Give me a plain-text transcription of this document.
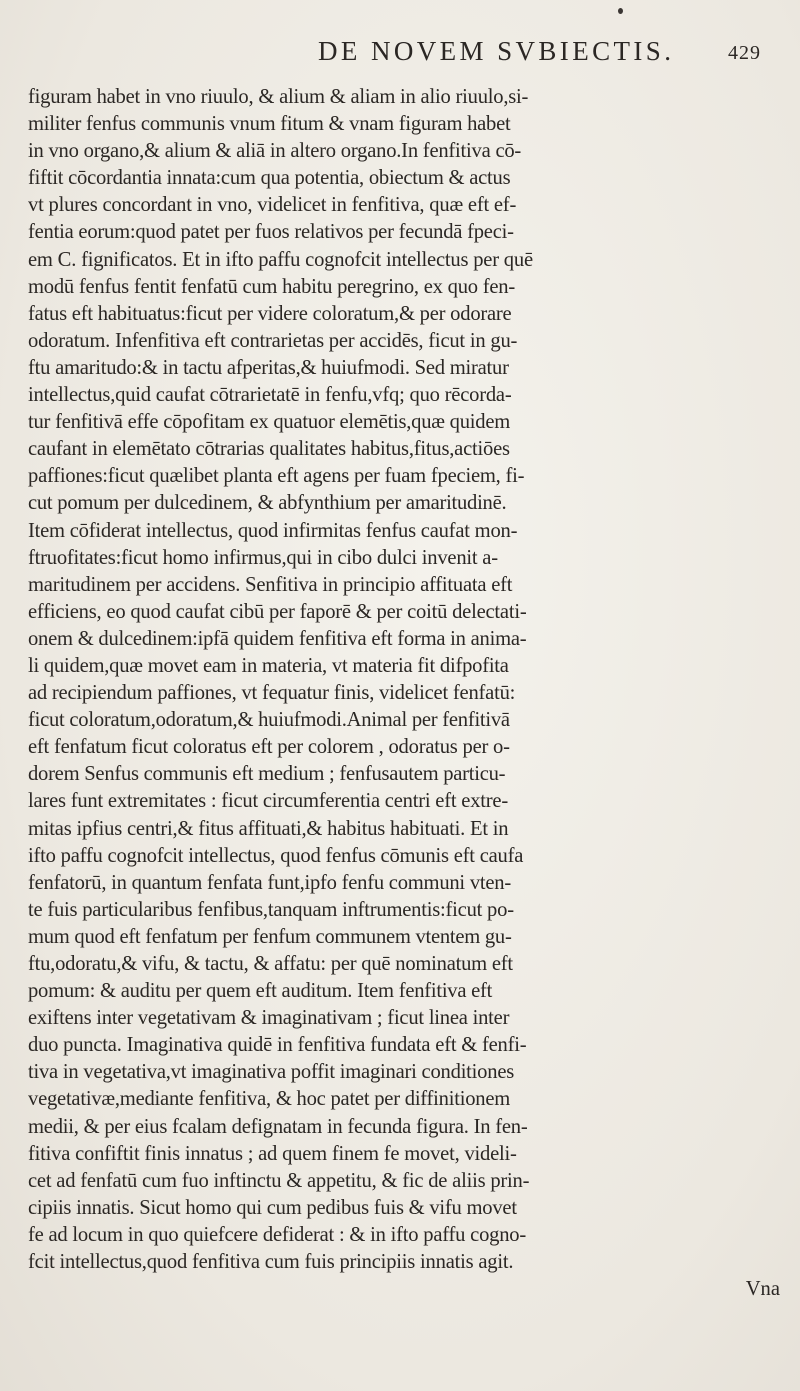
DE NOVEM SVBIECTIS.	429
figuram habet in vno riuulo, & alium & aliam in alio riuulo,si-
militer fenfus communis vnum fitum & vnam figuram habet
in vno organo,& alium & aliā in altero organo.In fenfitiva cō-
fiftit cōcordantia innata:cum qua potentia, obiectum & actus
vt plures concordant in vno, videlicet in fenfitiva, quæ eft ef-
fentia eorum:quod patet per fuos relativos per fecundā fpeci-
em C. fignificatos. Et in ifto paffu cognofcit intellectus per quē
modū fenfus fentit fenfatū cum habitu peregrino, ex quo fen-
fatus eft habituatus:ficut per videre coloratum,& per odorare
odoratum. Infenfitiva eft contrarietas per accidēs, ficut in gu-
ftu amaritudo:& in tactu afperitas,& huiufmodi. Sed miratur
intellectus,quid caufat cōtrarietatē in fenfu,vfq; quo rēcorda-
tur fenfitivā effe cōpofitam ex quatuor elemētis,quæ quidem
caufant in elemētato cōtrarias qualitates habitus,fitus,actiōes
paffiones:ficut quælibet planta eft agens per fuam fpeciem, fi-
cut pomum per dulcedinem, & abfynthium per amaritudinē.
Item cōfiderat intellectus, quod infirmitas fenfus caufat mon-
ftruofitates:ficut homo infirmus,qui in cibo dulci invenit a-
maritudinem per accidens. Senfitiva in principio affituata eft
efficiens, eo quod caufat cibū per faporē & per coitū delectati-
onem & dulcedinem:ipfā quidem fenfitiva eft forma in anima-
li quidem,quæ movet eam in materia, vt materia fit difpofita
ad recipiendum paffiones, vt fequatur finis, videlicet fenfatū:
ficut coloratum,odoratum,& huiufmodi.Animal per fenfitivā
eft fenfatum ficut coloratus eft per colorem , odoratus per o-
dorem Senfus communis eft medium ; fenfusautem particu-
lares funt extremitates : ficut circumferentia centri eft extre-
mitas ipfius centri,& fitus affituati,& habitus habituati. Et in
ifto paffu cognofcit intellectus, quod fenfus cōmunis eft caufa
fenfatorū, in quantum fenfata funt,ipfo fenfu communi vten-
te fuis particularibus fenfibus,tanquam inftrumentis:ficut po-
mum quod eft fenfatum per fenfum communem vtentem gu-
ftu,odoratu,& vifu, & tactu, & affatu: per quē nominatum eft
pomum: & auditu per quem eft auditum. Item fenfitiva eft
exiftens inter vegetativam & imaginativam ; ficut linea inter
duo puncta. Imaginativa quidē in fenfitiva fundata eft & fenfi-
tiva in vegetativa,vt imaginativa poffit imaginari conditiones
vegetativæ,mediante fenfitiva, & hoc patet per diffinitionem
medii, & per eius fcalam defignatam in fecunda figura. In fen-
fitiva confiftit finis innatus ; ad quem finem fe movet, videli-
cet ad fenfatū cum fuo inftinctu & appetitu, & fic de aliis prin-
cipiis innatis. Sicut homo qui cum pedibus fuis & vifu movet
fe ad locum in quo quiefcere defiderat : & in ifto paffu cogno-
fcit intellectus,quod fenfitiva cum fuis principiis innatis agit.
Vna
